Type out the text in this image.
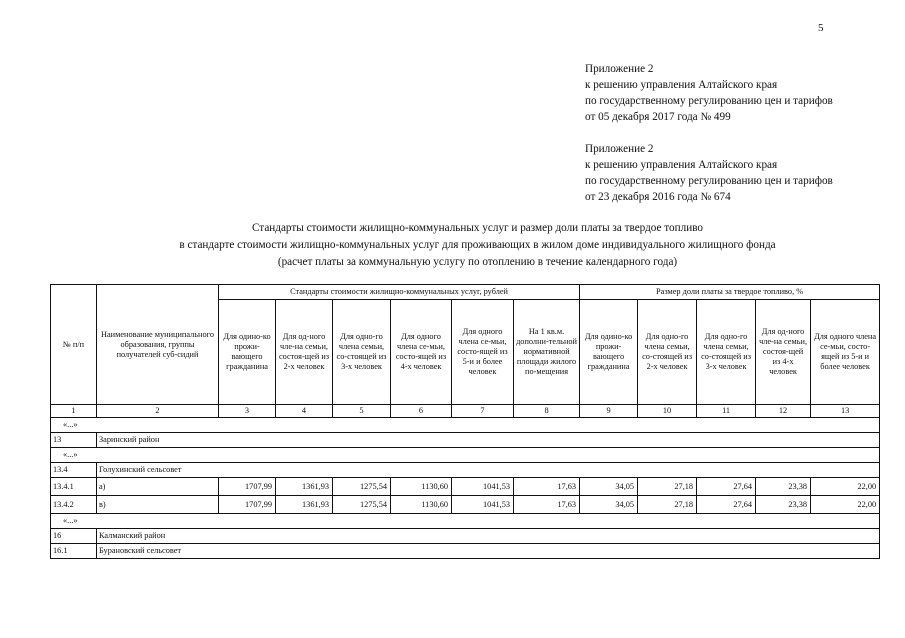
5
Приложение 2
к решению управления Алтайского края
по государственному регулированию цен и тарифов
от 05 декабря 2017 года № 499
Приложение 2
к решению управления Алтайского края
по государственному регулированию цен и тарифов
от 23 декабря 2016 года № 674
Стандарты стоимости жилищно-коммунальных услуг и размер доли платы за твердое топливо
в стандарте стоимости жилищно-коммунальных услуг для проживающих в жилом доме индивидуального жилищного фонда
(расчет платы за коммунальную услугу по отоплению в течение календарного года)
№ п/п	Наименование муниципального образования, группы получателей суб-сидий	Стандарты стоимости жилищно-коммунальных услуг, рублей						Размер доли платы за твердое топливо, %				
		Для одино-ко прожи-вающего гражданина	Для од-ного чле-на семьи, состоя-щей из 2-х человек	Для одно-го члена семьи, со-стоящей из 3-х человек	Для одного члена се-мьи, состо-ящей из 4-х человек	Для одного члена се-мьи, состо-ящей из 5-и и более человек	На 1 кв.м. дополни-тельной нормативной площади жилого по-мещения	Для одино-ко прожи-вающего гражданина	Для одно-го члена семьи, со-стоящей из 2-х человек	Для одно-го члена семьи, со-стоящей из 3-х человек	Для од-ного чле-на семьи, состоя-щей из 4-х человек	Для одного члена се-мьи, состо-ящей из 5-и и более человек
1	2	3	4	5	6	7	8	9	10	11	12	13
«...»												
13	Заринский район											
«...»												
13.4	Голухинский сельсовет											
13.4.1	а)	1707,99	1361,93	1275,54	1130,60	1041,53	17,63	34,05	27,18	27,64	23,38	22,00
13.4.2	в)	1707,99	1361,93	1275,54	1130,60	1041,53	17,63	34,05	27,18	27,64	23,38	22,00
«...»												
16	Калманский район											
16.1	Бурановский сельсовет											
